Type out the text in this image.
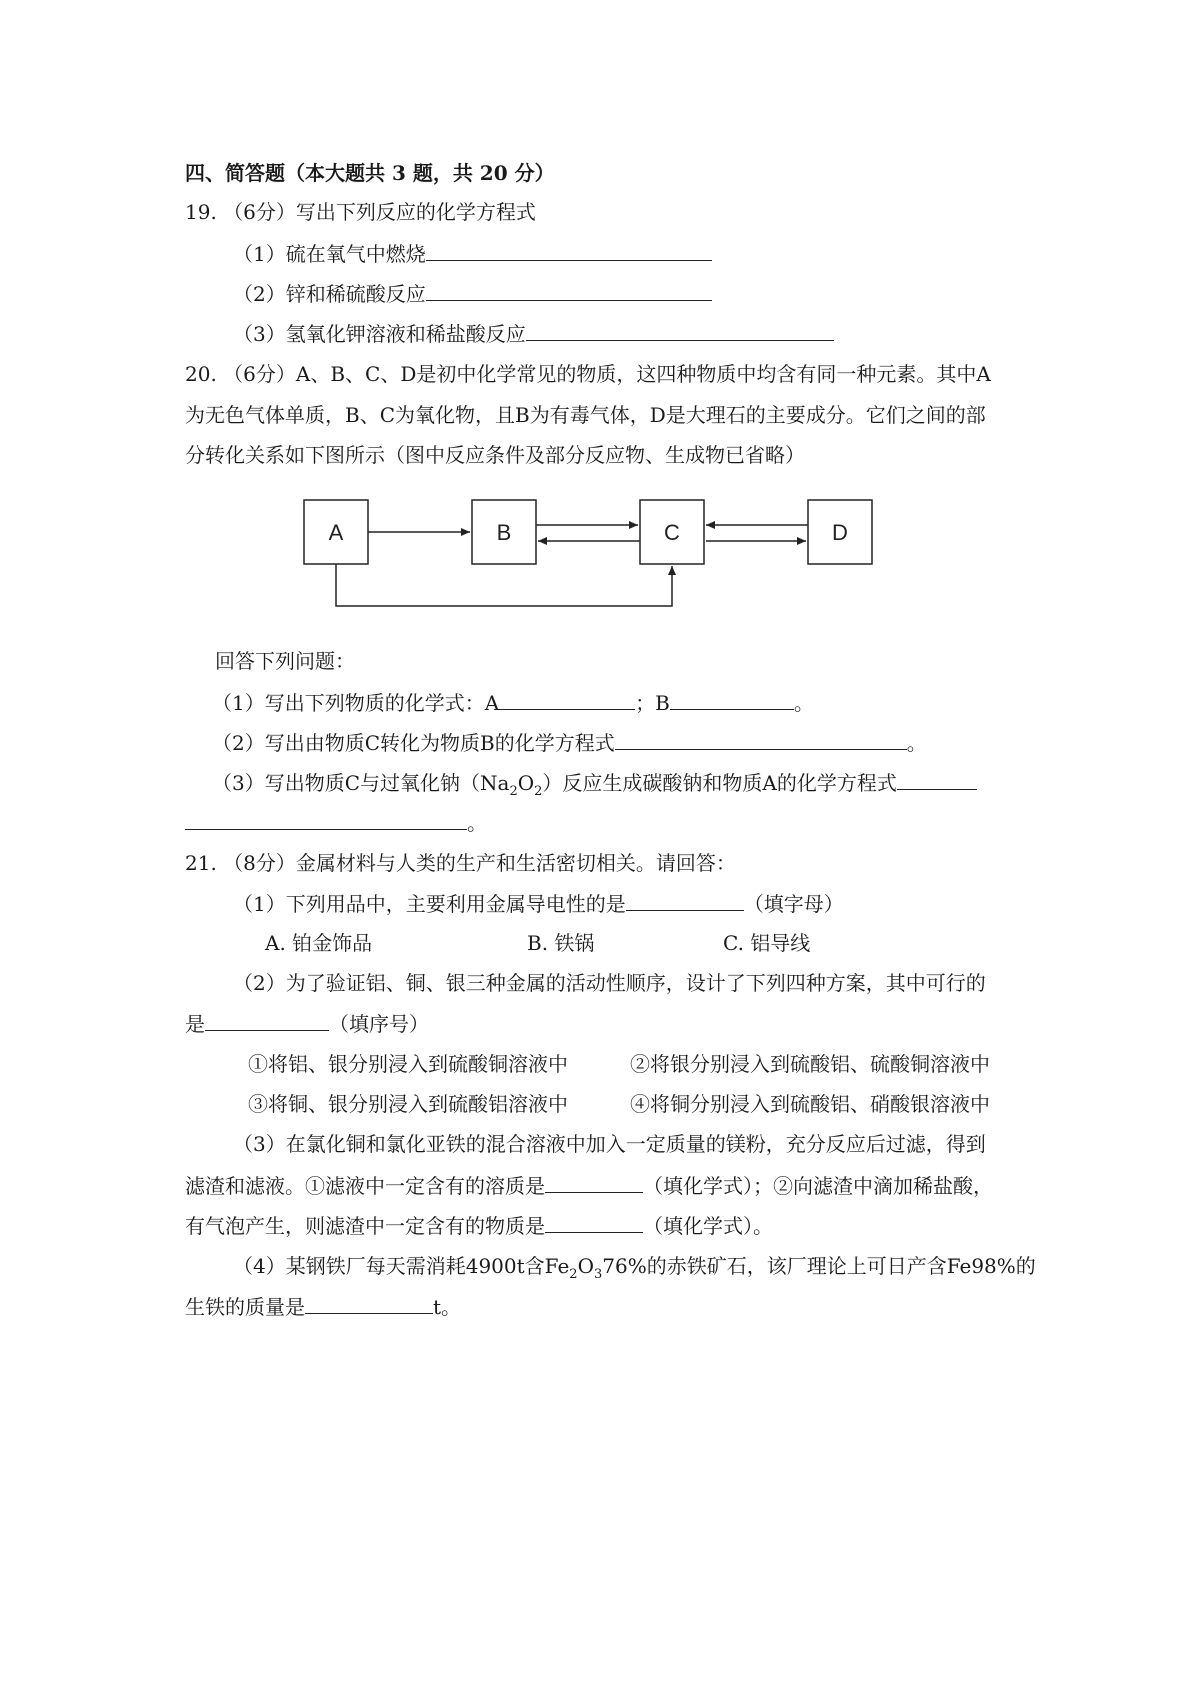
四、简答题（本大题共 3 题，共 20 分）
19. （6分）写出下列反应的化学方程式
（1）硫在氧气中燃烧
（2）锌和稀硫酸反应
（3）氢氧化钾溶液和稀盐酸反应
20. （6分）A、B、C、D是初中化学常见的物质，这四种物质中均含有同一种元素。其中A
为无色气体单质，B、C为氧化物，且B为有毒气体，D是大理石的主要成分。它们之间的部
分转化关系如下图所示（图中反应条件及部分反应物、生成物已省略）
A	B	C	D
回答下列问题：
（1）写出下列物质的化学式：A	；B	。
（2）写出由物质C转化为物质B的化学方程式	。
（3）写出物质C与过氧化钠$(Na_2O_2)$反应生成碳酸钠和物质A的化学方程式
。
21. （8分）金属材料与人类的生产和生活密切相关。请回答：
（1）下列用品中，主要利用金属导电性的是	（填字母）
A. 铂金饰品	B. 铁锅	C. 铝导线
（2）为了验证铝、铜、银三种金属的活动性顺序，设计了下列四种方案，其中可行的
是	（填序号）
①将铝、银分别浸入到硫酸铜溶液中	②将银分别浸入到硫酸铝、硫酸铜溶液中
③将铜、银分别浸入到硫酸铝溶液中	④将铜分别浸入到硫酸铝、硝酸银溶液中
（3）在氯化铜和氯化亚铁的混合溶液中加入一定质量的镁粉，充分反应后过滤，得到
滤渣和滤液。①滤液中一定含有的溶质是	（填化学式）；②向滤渣中滴加稀盐酸，
有气泡产生，则滤渣中一定含有的物质是	（填化学式）。
（4）某钢铁厂每天需消耗4900t含$Fe_2O_376\%$的赤铁矿石，该厂理论上可日产含Fe98%的
生铁的质量是	t。
